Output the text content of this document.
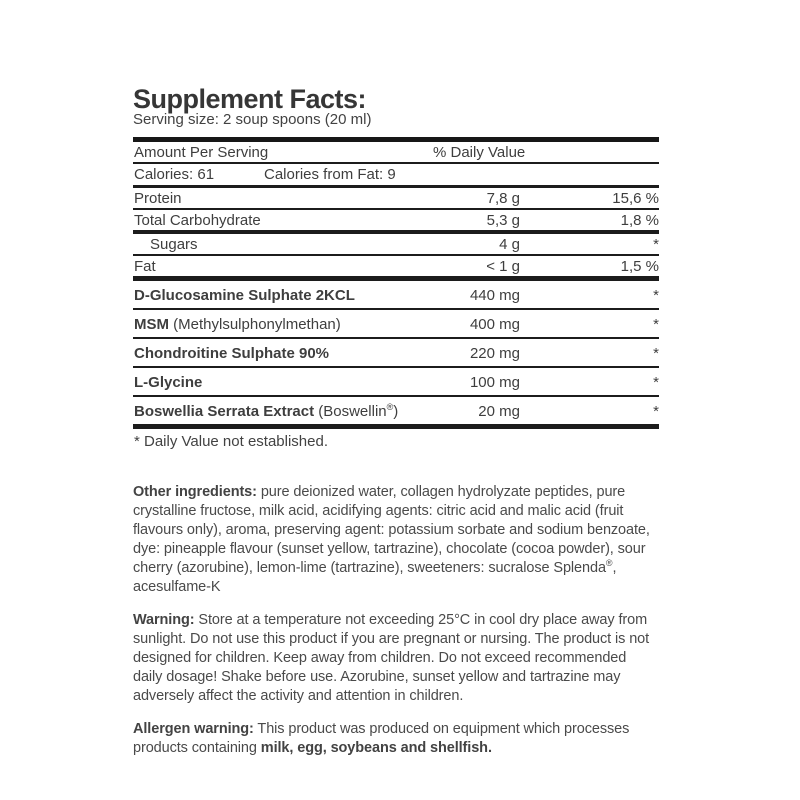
Supplement Facts:
Serving size: 2 soup spoons (20 ml)
Amount Per Serving	% Daily Value
Calories: 61	Calories from Fat: 9
Protein	7,8 g	15,6 %
Total Carbohydrate	5,3 g	1,8 %
Sugars	4 g	*
Fat	< 1 g	1,5 %
D-Glucosamine Sulphate 2KCL	440 mg	*
MSM (Methylsulphonylmethan)	400 mg	*
Chondroitine Sulphate 90%	220 mg	*
L-Glycine	100 mg	*
Boswellia Serrata Extract (Boswellin®)	20 mg	*
* Daily Value not established.

Other ingredients: pure deionized water, collagen hydrolyzate peptides, pure crystalline fructose, milk acid, acidifying agents: citric acid and malic acid (fruit flavours only), aroma, preserving agent: potassium sorbate and sodium benzoate, dye: pineapple flavour (sunset yellow, tartrazine), chocolate (cocoa powder), sour cherry (azorubine), lemon-lime (tartrazine), sweeteners: sucralose Splenda®, acesulfame-K

Warning: Store at a temperature not exceeding 25°C in cool dry place away from sunlight. Do not use this product if you are pregnant or nursing. The product is not designed for children. Keep away from children. Do not exceed recommended daily dosage! Shake before use. Azorubine, sunset yellow and tartrazine may adversely affect the activity and attention in children.

Allergen warning: This product was produced on equipment which processes products containing milk, egg, soybeans and shellfish.
